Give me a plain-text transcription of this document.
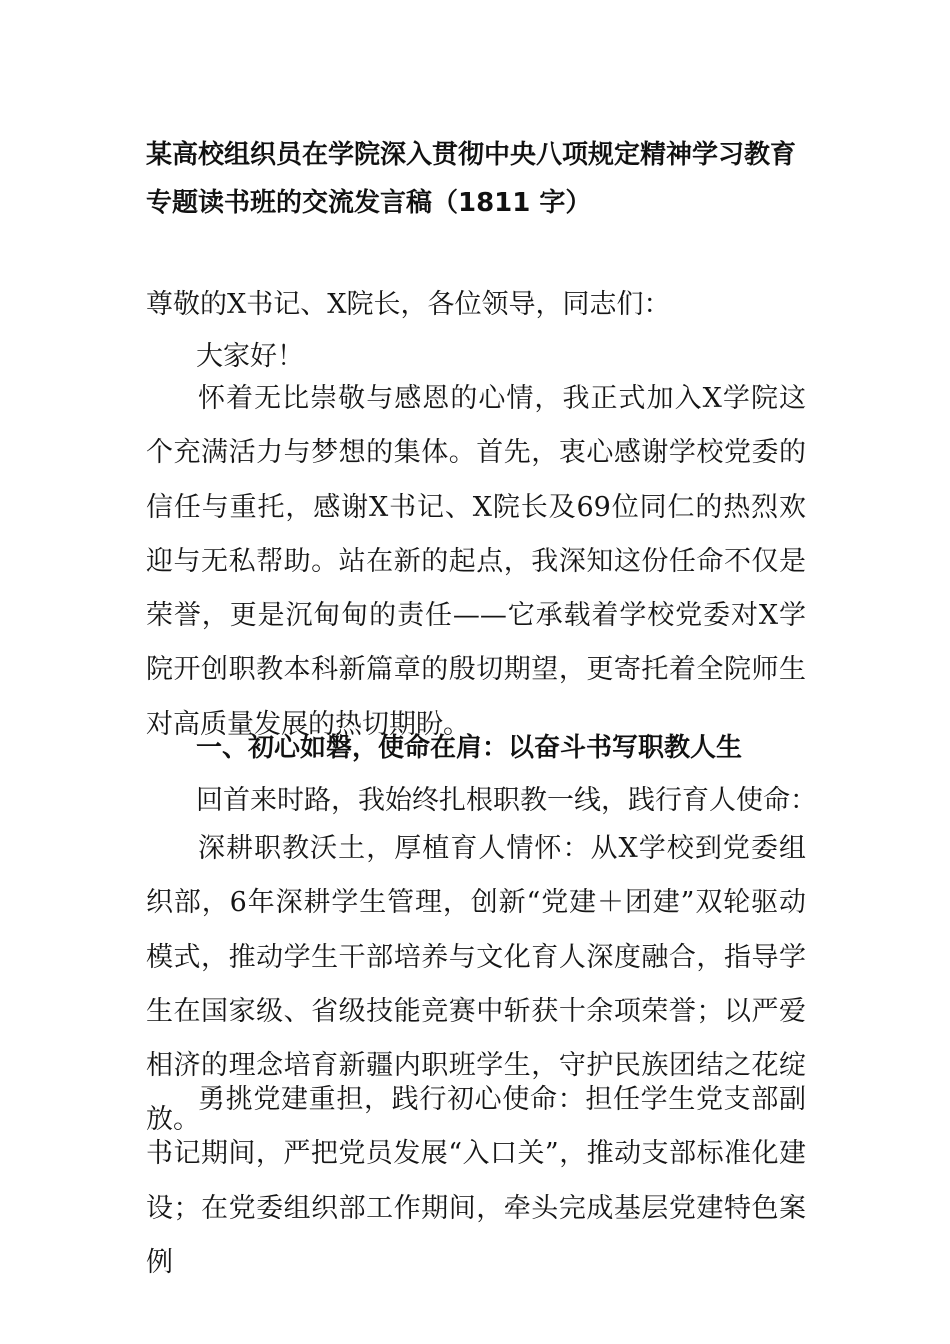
某高校组织员在学院深入贯彻中央八项规定精神学习教育
专题读书班的交流发言稿（1811 字）
尊敬的X书记、X院长，各位领导，同志们：
大家好！

怀着无比崇敬与感恩的心情，我正式加入X学院这个充满活力与梦想的集体。首先，衷心感谢学校党委的信任与重托，感谢X书记、X院长及69位同仁的热烈欢迎与无私帮助。站在新的起点，我深知这份任命不仅是荣誉，更是沉甸甸的责任——它承载着学校党委对X学院开创职教本科新篇章的殷切期望，更寄托着全院师生对高质量发展的热切期盼。

一、初心如磐，使命在肩：以奋斗书写职教人生
回首来时路，我始终扎根职教一线，践行育人使命：

深耕职教沃土，厚植育人情怀：从X学校到党委组织部，6年深耕学生管理，创新“党建＋团建”双轮驱动模式，推动学生干部培养与文化育人深度融合，指导学生在国家级、省级技能竞赛中斩获十余项荣誉；以严爱相济的理念培育新疆内职班学生，守护民族团结之花绽放。

勇挑党建重担，践行初心使命：担任学生党支部副书记期间，严把党员发展“入口关”，推动支部标准化建设；在党委组织部工作期间，牵头完成基层党建特色案例
